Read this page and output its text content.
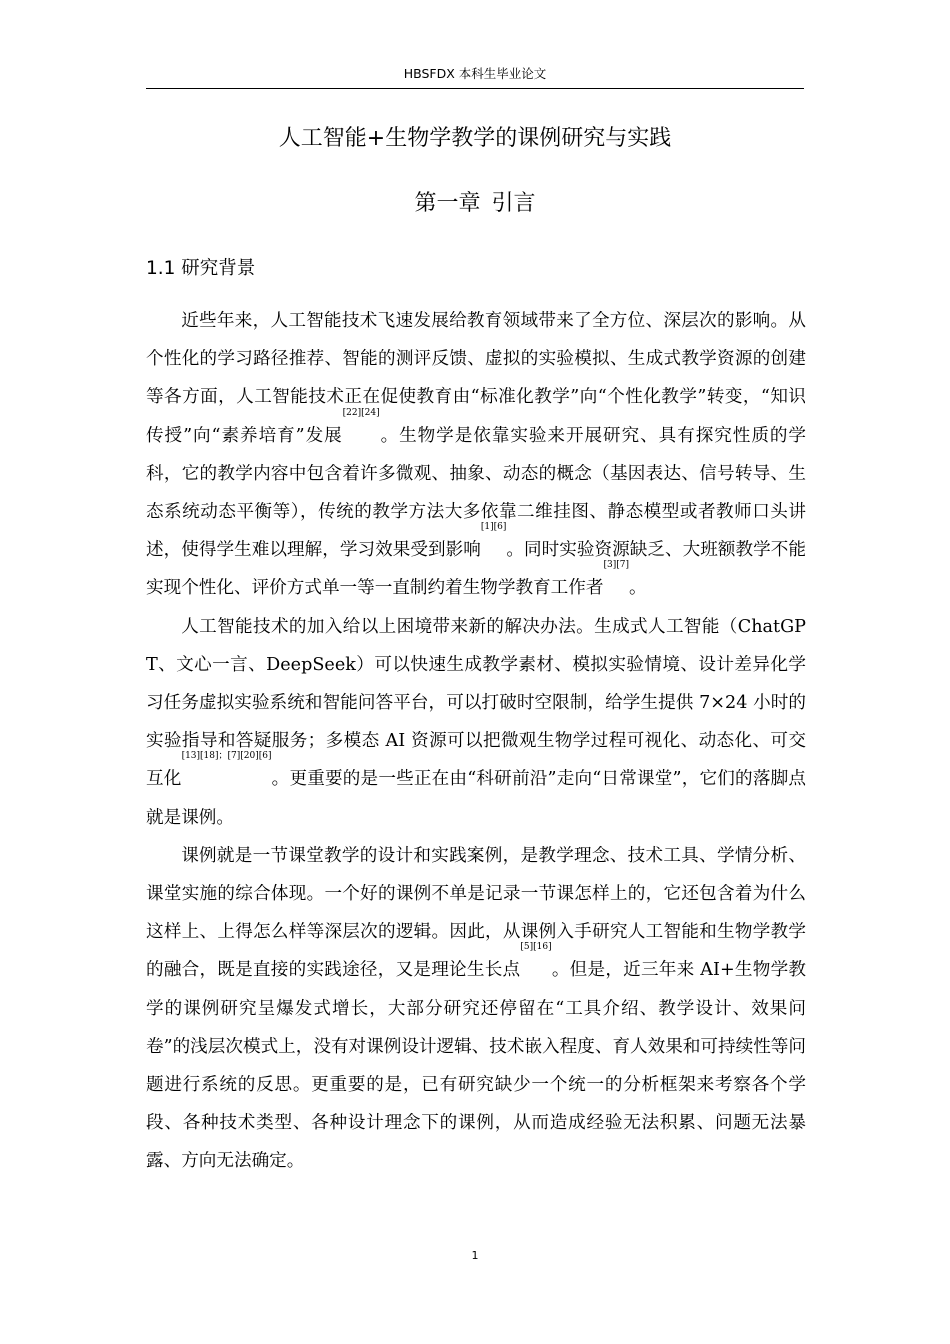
HBSFDX 本科生毕业论文
人工智能+生物学教学的课例研究与实践
第一章 引言
1.1 研究背景

近些年来，人工智能技术飞速发展给教育领域带来了全方位、深层次的影响。从个性化的学习路径推荐、智能的测评反馈、虚拟的实验模拟、生成式教学资源的创建等各方面，人工智能技术正在促使教育由“标准化教学”向“个性化教学”转变，“知识传授”向“素养培育”发展[22][24]。生物学是依靠实验来开展研究、具有探究性质的学科，它的教学内容中包含着许多微观、抽象、动态的概念（基因表达、信号转导、生态系统动态平衡等），传统的教学方法大多依靠二维挂图、静态模型或者教师口头讲述，使得学生难以理解，学习效果受到影响[1][6]。同时实验资源缺乏、大班额教学不能实现个性化、评价方式单一等一直制约着生物学教育工作者[3][7]。

人工智能技术的加入给以上困境带来新的解决办法。生成式人工智能（ChatGPT、文心一言、DeepSeek）可以快速生成教学素材、模拟实验情境、设计差异化学习任务虚拟实验系统和智能问答平台，可以打破时空限制，给学生提供 7×24 小时的实验指导和答疑服务；多模态 AI 资源可以把微观生物学过程可视化、动态化、可交互化[13][18]；[7][20][6]。更重要的是一些正在由“科研前沿”走向“日常课堂”，它们的落脚点就是课例。

课例就是一节课堂教学的设计和实践案例，是教学理念、技术工具、学情分析、课堂实施的综合体现。一个好的课例不单是记录一节课怎样上的，它还包含着为什么这样上、上得怎么样等深层次的逻辑。因此，从课例入手研究人工智能和生物学教学的融合，既是直接的实践途径，又是理论生长点[5][16]。但是，近三年来 AI+生物学教学的课例研究呈爆发式增长，大部分研究还停留在“工具介绍、教学设计、效果问卷”的浅层次模式上，没有对课例设计逻辑、技术嵌入程度、育人效果和可持续性等问题进行系统的反思。更重要的是，已有研究缺少一个统一的分析框架来考察各个学段、各种技术类型、各种设计理念下的课例，从而造成经验无法积累、问题无法暴露、方向无法确定。

1
